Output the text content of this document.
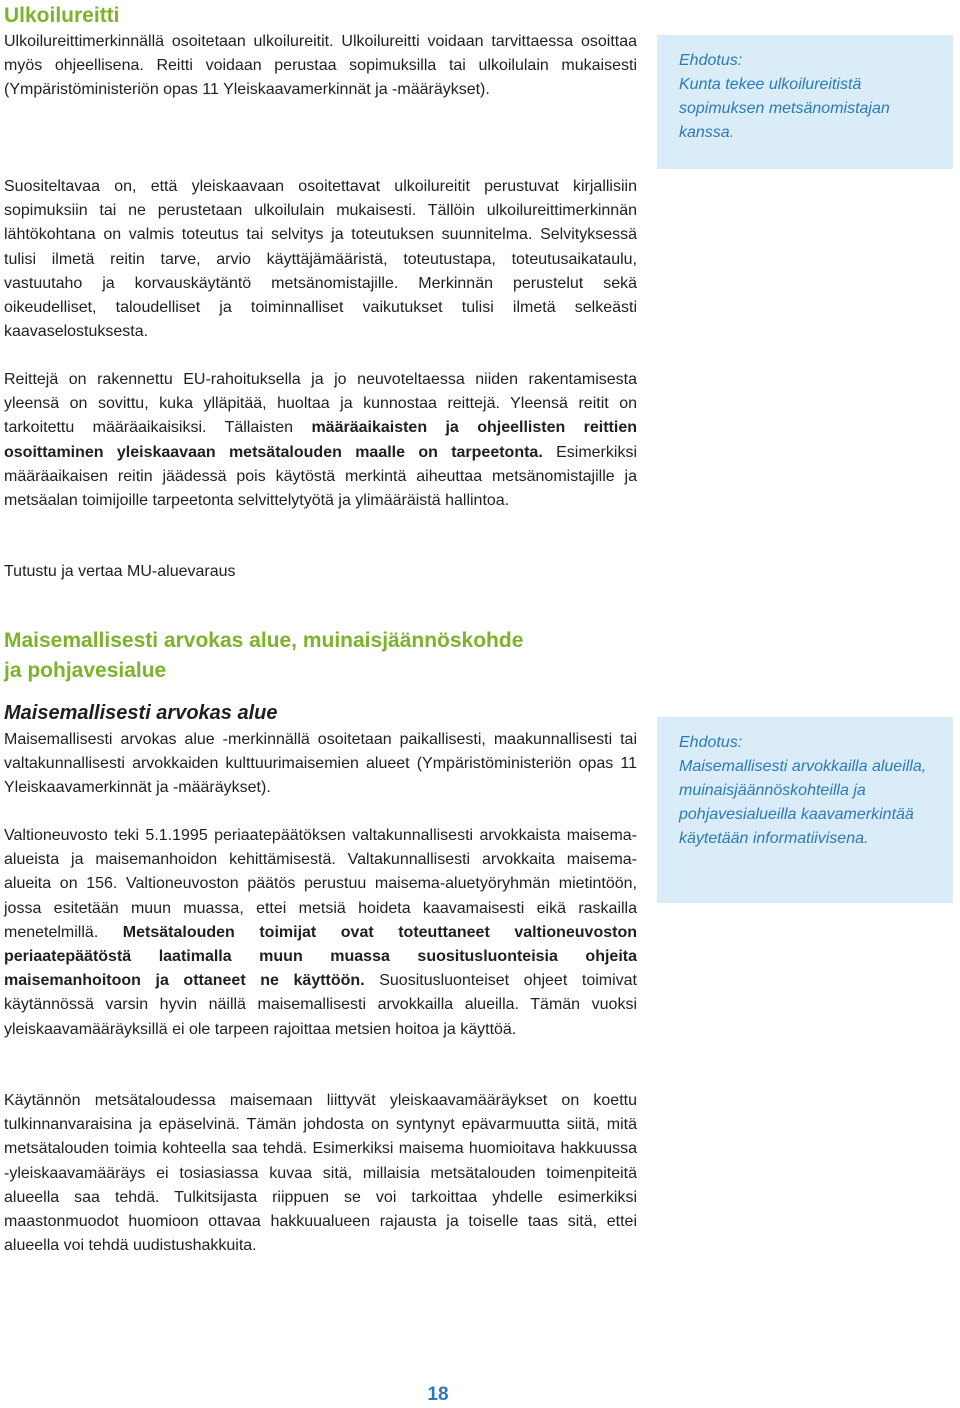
Ulkoilureitti

Ulkoilureittimerkinnällä osoitetaan ulkoilureitit. Ulkoilureitti voidaan tarvittaessa osoittaa myös ohjeellisena. Reitti voidaan perustaa sopimuksilla tai ulkoilulain mukaisesti (Ympäristöministeriön opas 11 Yleiskaavamerkinnät ja -määräykset).

Ehdotus:
Kunta tekee ulkoilureitistä sopimuksen metsänomistajan kanssa.

Suositeltavaa on, että yleiskaavaan osoitettavat ulkoilureitit perustuvat kirjallisiin sopimuksiin tai ne perustetaan ulkoilulain mukaisesti. Tällöin ulkoilureittimerkinnän lähtökohtana on valmis toteutus tai selvitys ja toteutuksen suunnitelma. Selvityksessä tulisi ilmetä reitin tarve, arvio käyttäjämääristä, toteutustapa, toteutusaikataulu, vastuutaho ja korvauskäytäntö metsänomistajille. Merkinnän perustelut sekä oikeudelliset, taloudelliset ja toiminnalliset vaikutukset tulisi ilmetä selkeästi kaavaselostuksesta.

Reittejä on rakennettu EU-rahoituksella ja jo neuvoteltaessa niiden rakentamisesta yleensä on sovittu, kuka ylläpitää, huoltaa ja kunnostaa reittejä. Yleensä reitit on tarkoitettu määräaikaisiksi. Tällaisten määräaikaisten ja ohjeellisten reittien osoittaminen yleiskaavaan metsätalouden maalle on tarpeetonta. Esimerkiksi määräaikaisen reitin jäädessä pois käytöstä merkintä aiheuttaa metsänomistajille ja metsäalan toimijoille tarpeetonta selvittelytyötä ja ylimääräistä hallintoa.

Tutustu ja vertaa MU-aluevaraus

Maisemallisesti arvokas alue, muinaisjäännöskohde
ja pohjavesialue
Maisemallisesti arvokas alue

Maisemallisesti arvokas alue -merkinnällä osoitetaan paikallisesti, maakunnallisesti tai valtakunnallisesti arvokkaiden kulttuurimaisemien alueet (Ympäristöministeriön opas 11 Yleiskaavamerkinnät ja -määräykset).

Ehdotus:
Maisemallisesti arvokkailla alueilla, muinaisjäännöskohteilla ja pohjavesialueilla kaavamerkintää käytetään informatiivisena.

Valtioneuvosto teki 5.1.1995 periaatepäätöksen valtakunnallisesti arvokkaista maisema-alueista ja maisemanhoidon kehittämisestä. Valtakunnallisesti arvokkaita maisema-alueita on 156. Valtioneuvoston päätös perustuu maisema-aluetyöryhmän mietintöön, jossa esitetään muun muassa, ettei metsiä hoideta kaavamaisesti eikä raskailla menetelmillä. Metsätalouden toimijat ovat toteuttaneet valtioneuvoston periaatepäätöstä laatimalla muun muassa suositusluonteisia ohjeita maisemanhoitoon ja ottaneet ne käyttöön. Suositusluonteiset ohjeet toimivat käytännössä varsin hyvin näillä maisemallisesti arvokkailla alueilla. Tämän vuoksi yleiskaavamääräyksillä ei ole tarpeen rajoittaa metsien hoitoa ja käyttöä.

Käytännön metsätaloudessa maisemaan liittyvät yleiskaavamääräykset on koettu tulkinnanvaraisina ja epäselvinä. Tämän johdosta on syntynyt epävarmuutta siitä, mitä metsätalouden toimia kohteella saa tehdä. Esimerkiksi maisema huomioitava hakkuussa -yleiskaavamääräys ei tosiasiassa kuvaa sitä, millaisia metsätalouden toimenpiteitä alueella saa tehdä. Tulkitsijasta riippuen se voi tarkoittaa yhdelle esimerkiksi maastonmuodot huomioon ottavaa hakkuualueen rajausta ja toiselle taas sitä, ettei alueella voi tehdä uudistushakkuita.

18
